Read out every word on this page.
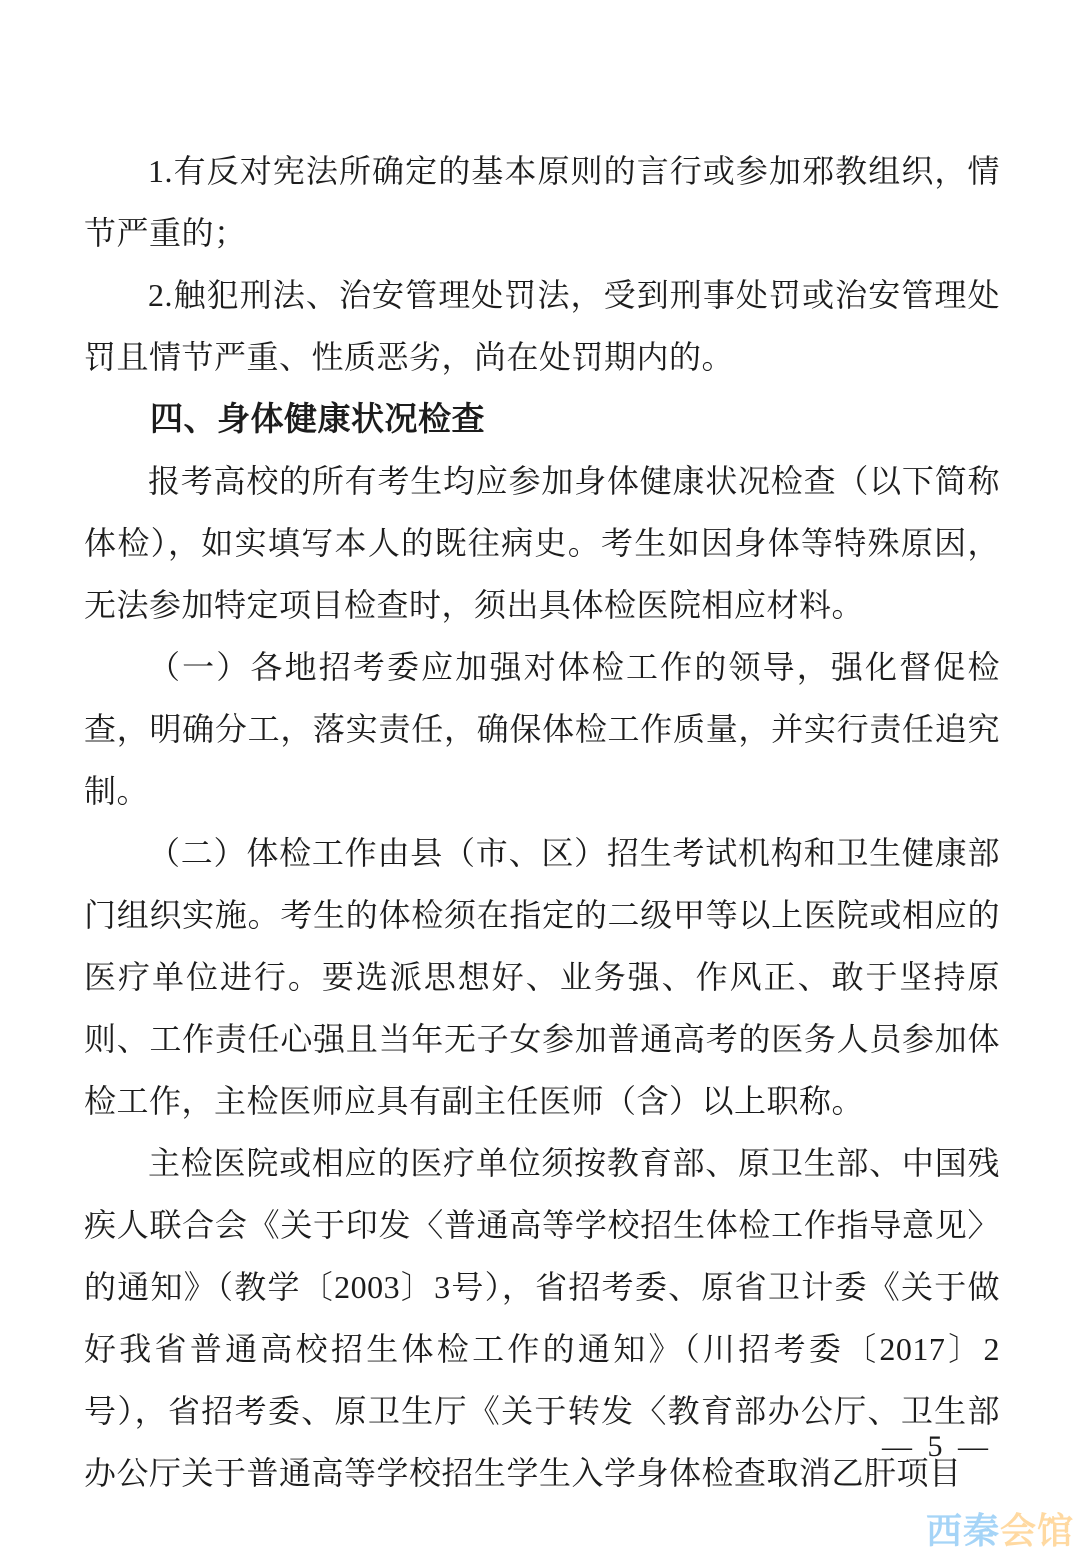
1.有反对宪法所确定的基本原则的言行或参加邪教组织，情节严重的；

2.触犯刑法、治安管理处罚法，受到刑事处罚或治安管理处罚且情节严重、性质恶劣，尚在处罚期内的。

四、身体健康状况检查

报考高校的所有考生均应参加身体健康状况检查（以下简称体检），如实填写本人的既往病史。考生如因身体等特殊原因，无法参加特定项目检查时，须出具体检医院相应材料。

（一）各地招考委应加强对体检工作的领导，强化督促检查，明确分工，落实责任，确保体检工作质量，并实行责任追究制。

（二）体检工作由县（市、区）招生考试机构和卫生健康部门组织实施。考生的体检须在指定的二级甲等以上医院或相应的医疗单位进行。要选派思想好、业务强、作风正、敢于坚持原则、工作责任心强且当年无子女参加普通高考的医务人员参加体检工作，主检医师应具有副主任医师（含）以上职称。

主检医院或相应的医疗单位须按教育部、原卫生部、中国残疾人联合会《关于印发〈普通高等学校招生体检工作指导意见〉的通知》（教学〔2003〕3号），省招考委、原省卫计委《关于做好我省普通高校招生体检工作的通知》（川招考委〔2017〕2号），省招考委、原卫生厅《关于转发〈教育部办公厅、卫生部办公厅关于普通高等学校招生学生入学身体检查取消乙肝项目

— 5 —
西秦会馆
